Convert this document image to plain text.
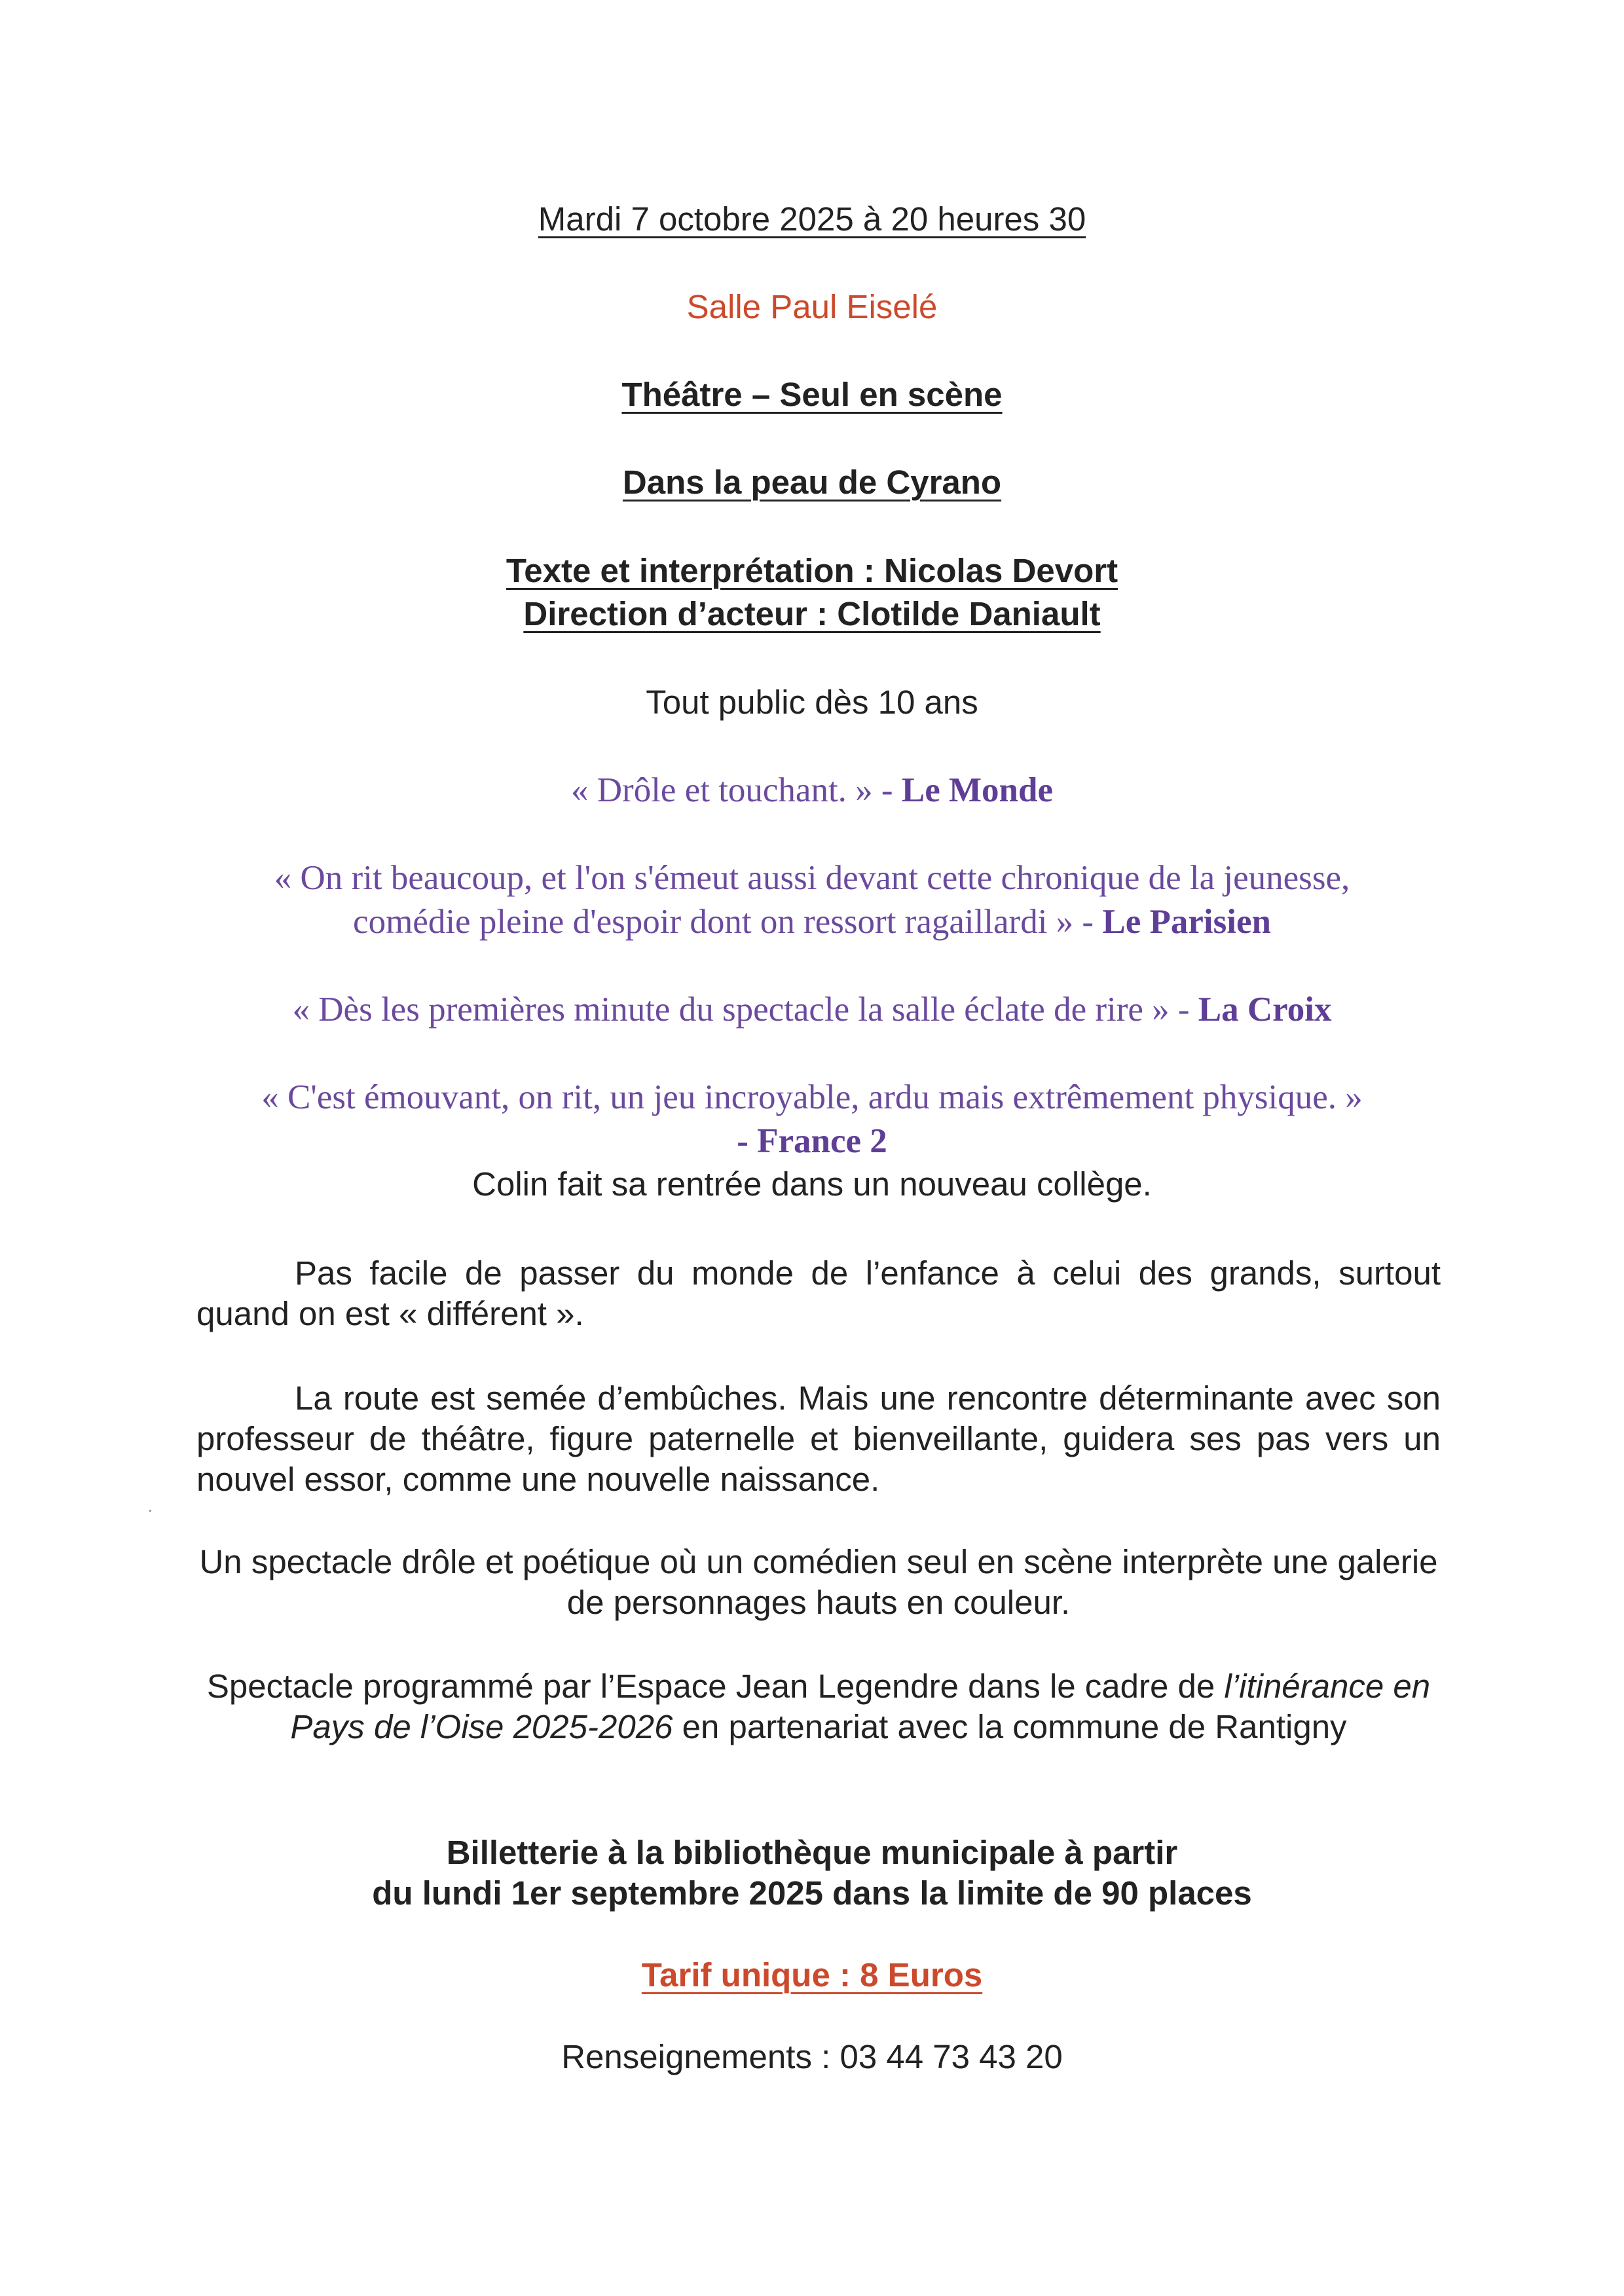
Mardi 7 octobre 2025 à 20 heures 30
Salle Paul Eiselé
Théâtre – Seul en scène
Dans la peau de Cyrano
Texte et interprétation : Nicolas Devort
Direction d’acteur : Clotilde Daniault
Tout public dès 10 ans
« Drôle et touchant. » - Le Monde
« On rit beaucoup, et l'on s'émeut aussi devant cette chronique de la jeunesse,
comédie pleine d'espoir dont on ressort ragaillardi » - Le Parisien
« Dès les premières minute du spectacle la salle éclate de rire » - La Croix
« C'est émouvant, on rit, un jeu incroyable, ardu mais extrêmement physique. »
- France 2
Colin fait sa rentrée dans un nouveau collège.
Pas facile de passer du monde de l’enfance à celui des grands, surtout quand on est « différent ».
La route est semée d’embûches. Mais une rencontre déterminante avec son professeur de théâtre, figure paternelle et bienveillante, guidera ses pas vers un nouvel essor, comme une nouvelle naissance.
Un spectacle drôle et poétique où un comédien seul en scène interprète une galerie de personnages hauts en couleur.
Spectacle programmé par l’Espace Jean Legendre dans le cadre de l’itinérance en Pays de l’Oise 2025-2026 en partenariat avec la commune de Rantigny
Billetterie à la bibliothèque municipale à partir
du lundi 1er septembre 2025 dans la limite de 90 places
Tarif unique : 8 Euros
Renseignements : 03 44 73 43 20
